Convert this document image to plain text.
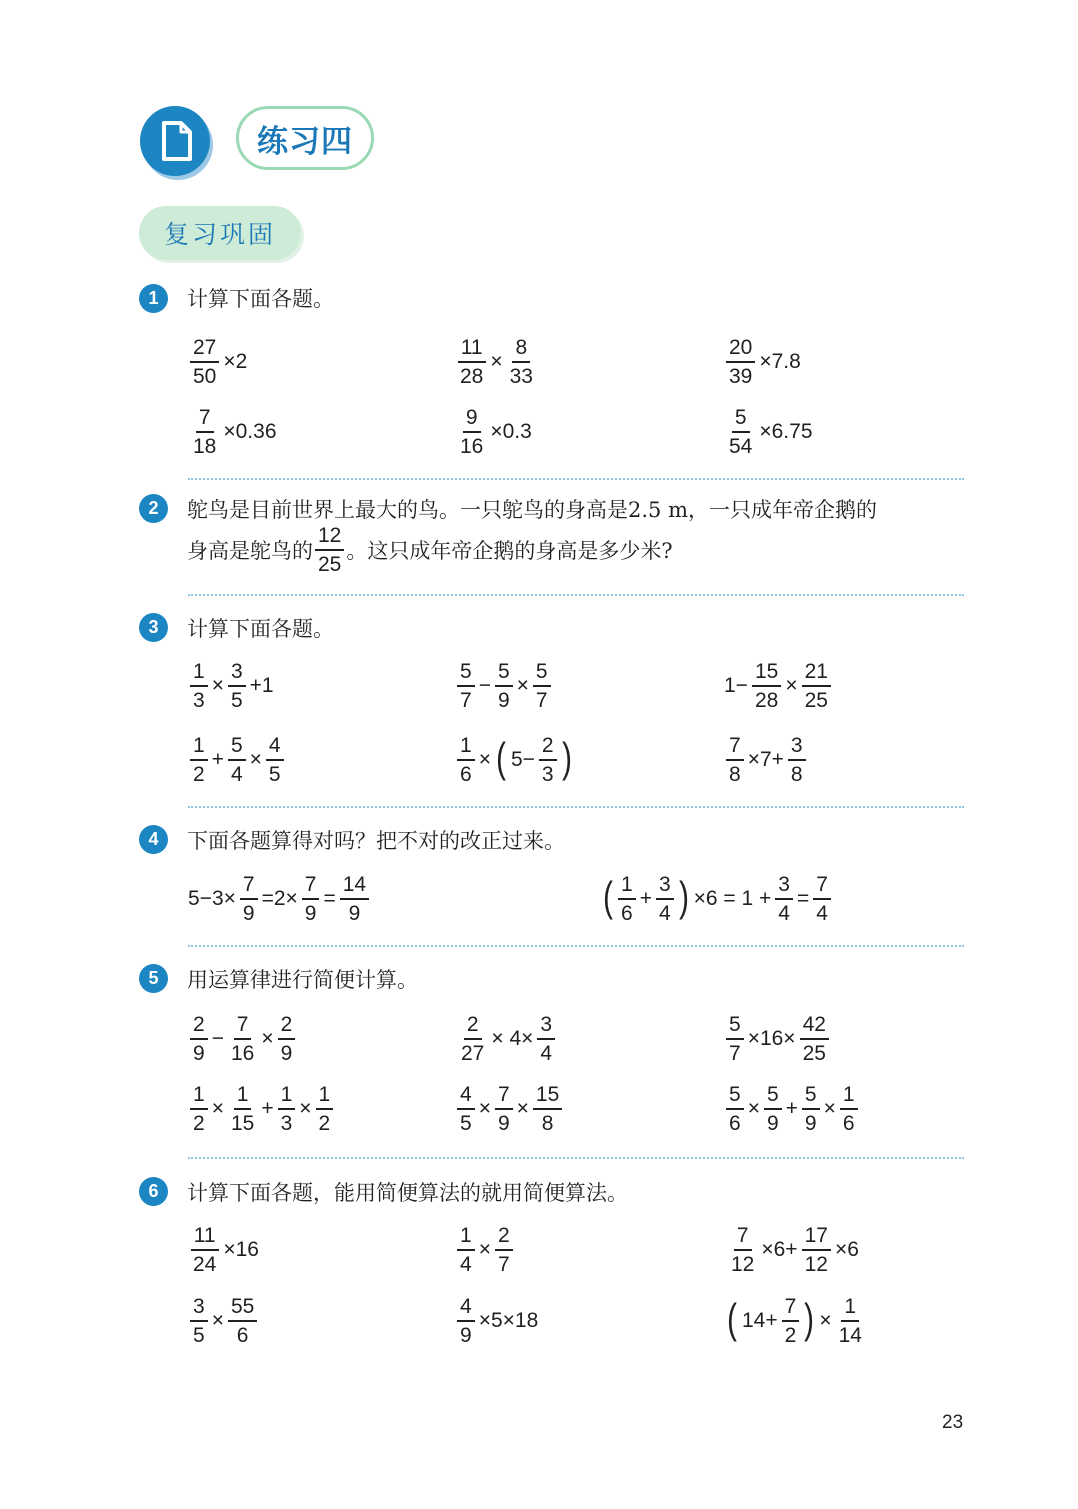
练习四
复习巩固
1	计算下面各题。
$\frac{27}{50} \times 2$	$\frac{11}{28} \times \frac{8}{33}$	$\frac{20}{39} \times 7.8$
$\frac{7}{18} \times 0.36$	$\frac{9}{16} \times 0.3$	$\frac{5}{54} \times 6.75$
2	鸵鸟是目前世界上最大的鸟。一只鸵鸟的身高是2.5 m，一只成年帝企鹅的
身高是鸵鸟的 $\frac{12}{25}$ 。这只成年帝企鹅的身高是多少米?
3	计算下面各题。
$\frac{1}{3} \times \frac{3}{5} +1$	$\frac{5}{7} - \frac{5}{9} \times \frac{5}{7}$	$1- \frac{15}{28} \times \frac{21}{25}$
$\frac{1}{2} + \frac{5}{4} \times \frac{4}{5}$	$\frac{1}{6}$ × ( $5- \frac{2}{3}$ )	$\frac{7}{8} \times 7+ \frac{3}{8}$
4	下面各题算得对吗？把不对的改正过来。
$5-3\times \frac{7}{9} =2\times \frac{7}{9} = \frac{14}{9}$	( $\frac{1}{6} + \frac{3}{4}$ ) $\times 6 = 1 + \frac{3}{4} = \frac{7}{4}$
5	用运算律进行简便计算。
$\frac{2}{9} - \frac{7}{16} \times \frac{2}{9}$	$\frac{2}{27} \times 4\times \frac{3}{4}$	$\frac{5}{7} \times 16\times \frac{42}{25}$
$\frac{1}{2} \times \frac{1}{15} + \frac{1}{3} \times \frac{1}{2}$	$\frac{4}{5} \times \frac{7}{9} \times \frac{15}{8}$	$\frac{5}{6} \times \frac{5}{9} + \frac{5}{9} \times \frac{1}{6}$
6	计算下面各题，能用简便算法的就用简便算法。
$\frac{11}{24} \times 16$	$\frac{1}{4} \times \frac{2}{7}$	$\frac{7}{12} \times 6+ \frac{17}{12} \times 6$
$\frac{3}{5} \times \frac{55}{6}$	$\frac{4}{9} \times 5\times 18$	( $14+ \frac{7}{2}$ ) × $\frac{1}{14}$
23
